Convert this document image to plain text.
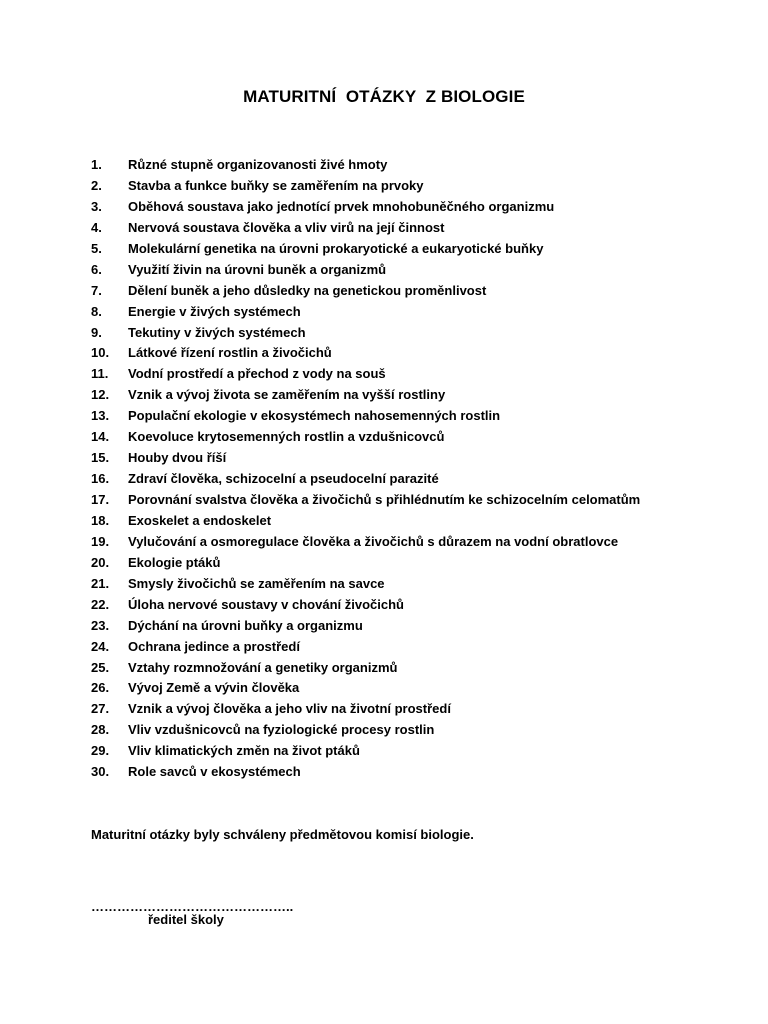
MATURITNÍ  OTÁZKY  Z BIOLOGIE
1.	Různé stupně organizovanosti živé hmoty
2.	Stavba a funkce buňky se zaměřením na prvoky
3.	Oběhová soustava jako jednotící prvek mnohobuněčného organizmu
4.	Nervová soustava člověka a vliv virů na její činnost
5.	Molekulární genetika na úrovni prokaryotické a eukaryotické buňky
6.	Využití živin na úrovni buněk a organizmů
7.	Dělení buněk a jeho důsledky na genetickou proměnlivost
8.	Energie v živých systémech
9.	Tekutiny v živých systémech
10.	Látkové řízení rostlin a živočichů
11.	Vodní prostředí a přechod z vody na souš
12.	Vznik a vývoj života se zaměřením na vyšší rostliny
13.	Populační ekologie v ekosystémech nahosemenných rostlin
14.	Koevoluce krytosemenných rostlin a vzdušnicovců
15.	Houby dvou říší
16.	Zdraví člověka, schizocelní a pseudocelní parazité
17.	Porovnání svalstva člověka a živočichů s přihlédnutím ke schizocelním celomatům
18.	Exoskelet a endoskelet
19.	Vylučování a osmoregulace člověka a živočichů s důrazem na vodní obratlovce
20.	Ekologie ptáků
21.	Smysly živočichů se zaměřením na savce
22.	Úloha nervové soustavy v chování živočichů
23.	Dýchání na úrovni buňky a organizmu
24.	Ochrana jedince a prostředí
25.	Vztahy rozmnožování a genetiky organizmů
26.	Vývoj Země a vývin člověka
27.	Vznik a vývoj člověka a jeho vliv na životní prostředí
28.	Vliv vzdušnicovců na fyziologické procesy rostlin
29.	Vliv klimatických změn na život ptáků
30.	Role savců v ekosystémech
Maturitní otázky byly schváleny předmětovou komisí biologie.
………………………………………..
ředitel školy
